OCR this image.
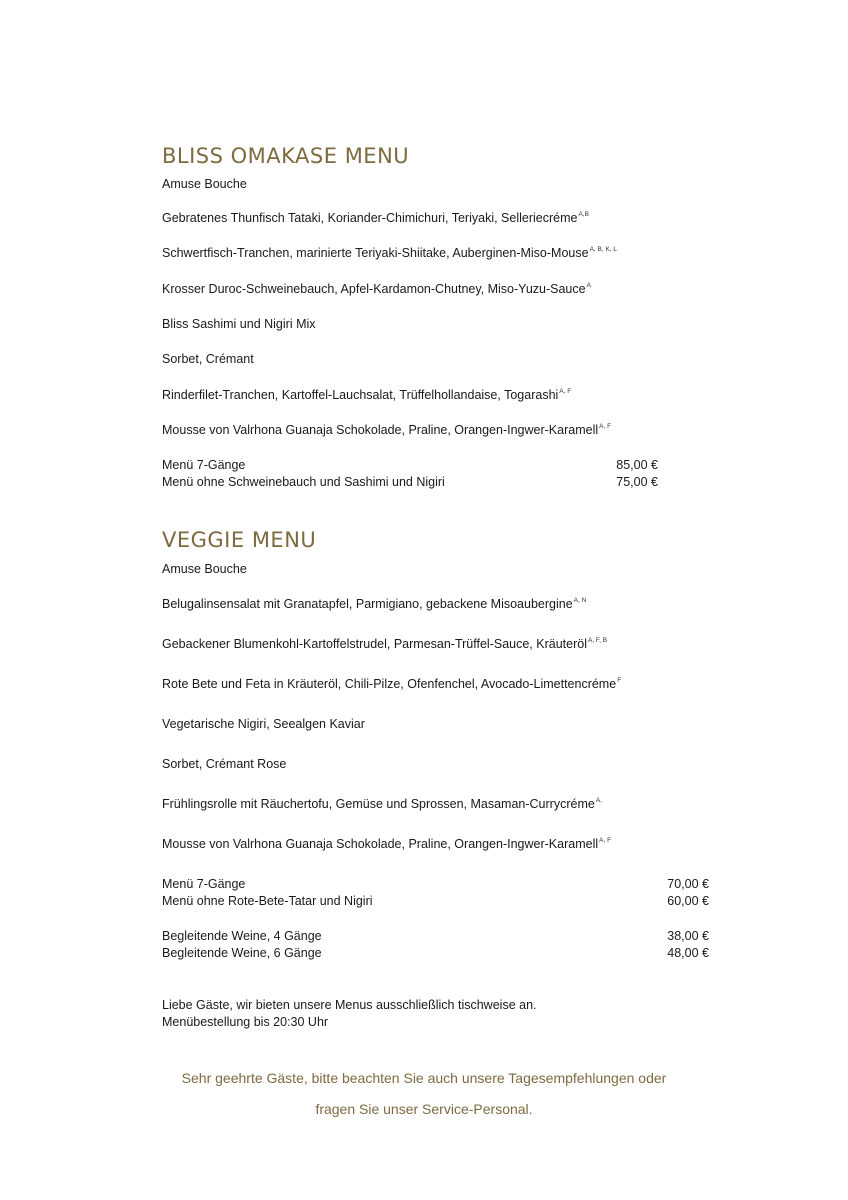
BLISS OMAKASE MENU
Amuse Bouche
Gebratenes Thunfisch Tataki, Koriander-Chimichuri, Teriyaki, Selleriecréme$^{A,B}$
Schwertfisch-Tranchen, marinierte Teriyaki-Shiitake, Auberginen-Miso-Mouse$^{A, B, K, L}$
Krosser Duroc-Schweinebauch, Apfel-Kardamon-Chutney, Miso-Yuzu-Sauce$^A$
Bliss Sashimi und Nigiri Mix
Sorbet, Crémant
Rinderfilet-Tranchen, Kartoffel-Lauchsalat, Trüffelhollandaise, Togarashi$^{A, F}$
Mousse von Valrhona Guanaja Schokolade, Praline, Orangen-Ingwer-Karamell$^{A, F}$
Menü 7-Gänge	85,00 €
Menü ohne Schweinebauch und Sashimi und Nigiri	75,00 €
VEGGIE MENU
Amuse Bouche
Belugalinsensalat mit Granatapfel, Parmigiano, gebackene Misoaubergine$^{A, N}$
Gebackener Blumenkohl-Kartoffelstrudel, Parmesan-Trüffel-Sauce, Kräuteröl$^{A, F, B}$
Rote Bete und Feta in Kräuteröl, Chili-Pilze, Ofenfenchel, Avocado-Limettencréme$^F$
Vegetarische Nigiri, Seealgen Kaviar
Sorbet, Crémant Rose
Frühlingsrolle mit Räuchertofu, Gemüse und Sprossen, Masaman-Currycréme$^{A,}$
Mousse von Valrhona Guanaja Schokolade, Praline, Orangen-Ingwer-Karamell$^{A, F}$
Menü 7-Gänge	70,00 €
Menü ohne Rote-Bete-Tatar und Nigiri	60,00 €
Begleitende Weine, 4 Gänge	38,00 €
Begleitende Weine, 6 Gänge	48,00 €
Liebe Gäste, wir bieten unsere Menus ausschließlich tischweise an.
Menübestellung bis 20:30 Uhr
Sehr geehrte Gäste, bitte beachten Sie auch unsere Tagesempfehlungen oder
fragen Sie unser Service-Personal.
